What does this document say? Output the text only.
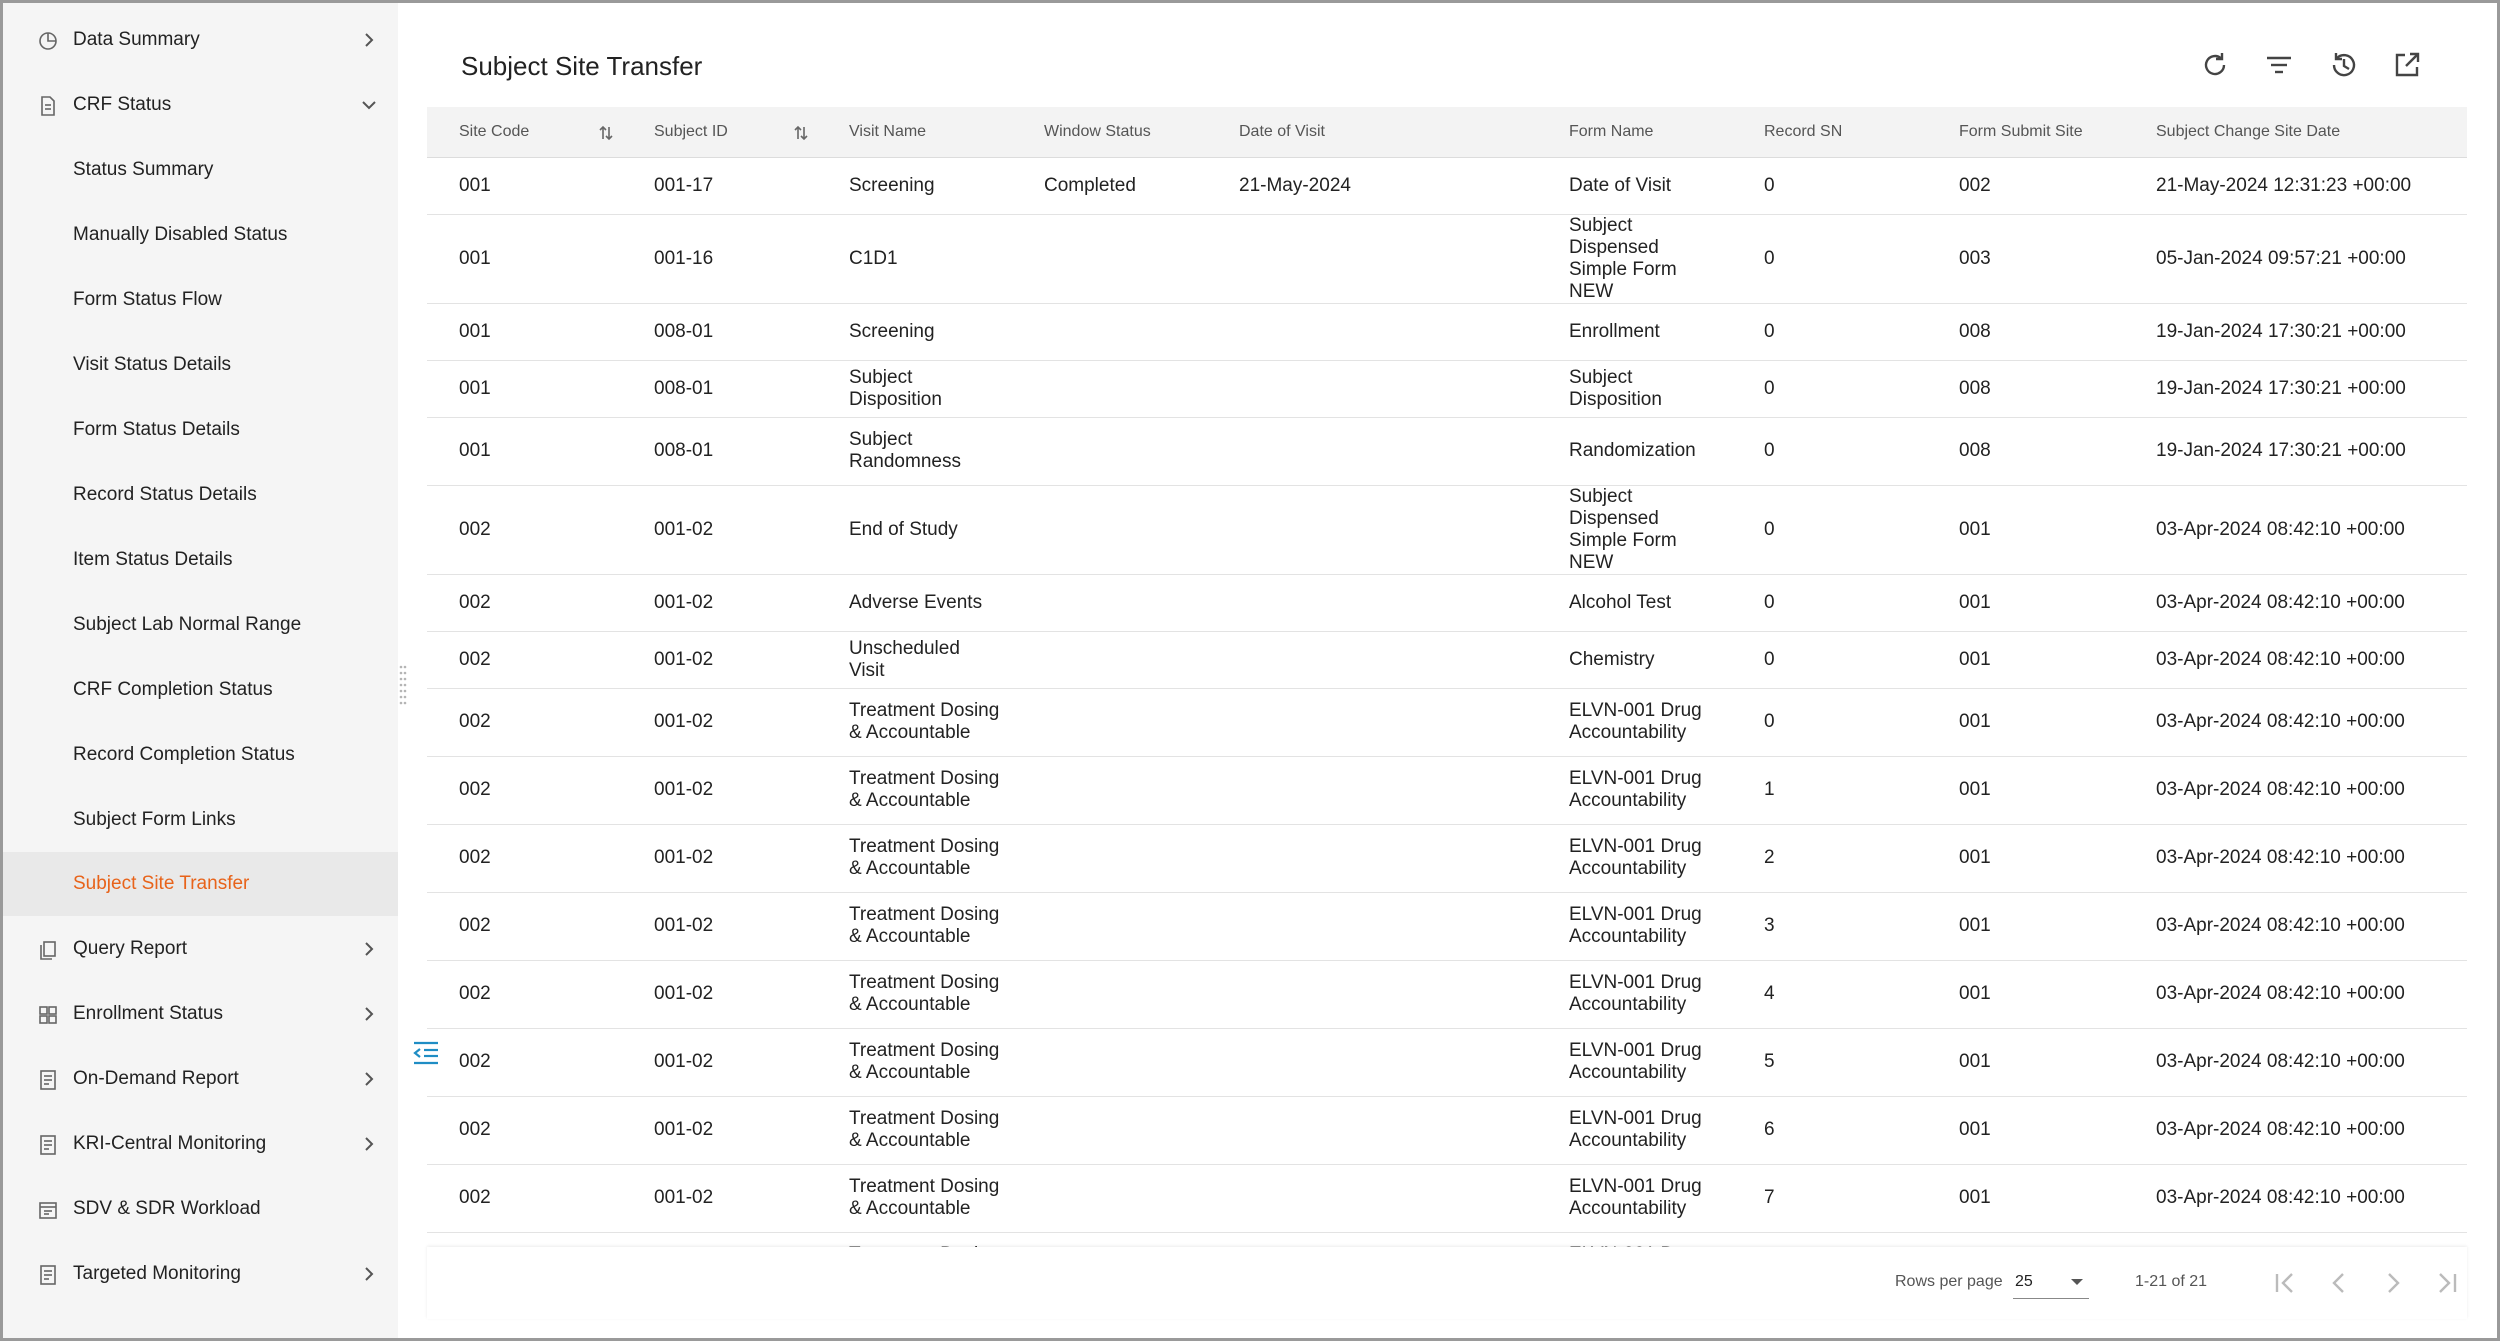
Data Summary
CRF Status
Status Summary
Manually Disabled Status
Form Status Flow
Visit Status Details
Form Status Details
Record Status Details
Item Status Details
Subject Lab Normal Range
CRF Completion Status
Record Completion Status
Subject Form Links
Subject Site Transfer
Query Report
Enrollment Status
On-Demand Report
KRI-Central Monitoring
SDV & SDR Workload
Targeted Monitoring
Subject Site Transfer
Site Code	Subject ID	Visit Name	Window Status	Date of Visit	Form Name	Record SN	Form Submit Site	Subject Change Site Date
001	001-17	Screening	Completed	21-May-2024	Date of Visit	0	002	21-May-2024 12:31:23 +00:00
001	001-16	C1D1			Subject Dispensed Simple Form NEW	0	003	05-Jan-2024 09:57:21 +00:00
001	008-01	Screening			Enrollment	0	008	19-Jan-2024 17:30:21 +00:00
001	008-01	Subject Disposition			Subject Disposition	0	008	19-Jan-2024 17:30:21 +00:00
001	008-01	Subject Randomness			Randomization	0	008	19-Jan-2024 17:30:21 +00:00
002	001-02	End of Study			Subject Dispensed Simple Form NEW	0	001	03-Apr-2024 08:42:10 +00:00
002	001-02	Adverse Events			Alcohol Test	0	001	03-Apr-2024 08:42:10 +00:00
002	001-02	Unscheduled Visit			Chemistry	0	001	03-Apr-2024 08:42:10 +00:00
002	001-02	Treatment Dosing & Accountable			ELVN-001 Drug Accountability	0	001	03-Apr-2024 08:42:10 +00:00
002	001-02	Treatment Dosing & Accountable			ELVN-001 Drug Accountability	1	001	03-Apr-2024 08:42:10 +00:00
002	001-02	Treatment Dosing & Accountable			ELVN-001 Drug Accountability	2	001	03-Apr-2024 08:42:10 +00:00
002	001-02	Treatment Dosing & Accountable			ELVN-001 Drug Accountability	3	001	03-Apr-2024 08:42:10 +00:00
002	001-02	Treatment Dosing & Accountable			ELVN-001 Drug Accountability	4	001	03-Apr-2024 08:42:10 +00:00
002	001-02	Treatment Dosing & Accountable			ELVN-001 Drug Accountability	5	001	03-Apr-2024 08:42:10 +00:00
002	001-02	Treatment Dosing & Accountable			ELVN-001 Drug Accountability	6	001	03-Apr-2024 08:42:10 +00:00
002	001-02	Treatment Dosing & Accountable			ELVN-001 Drug Accountability	7	001	03-Apr-2024 08:42:10 +00:00

Rows per page 25	1-21 of 21
